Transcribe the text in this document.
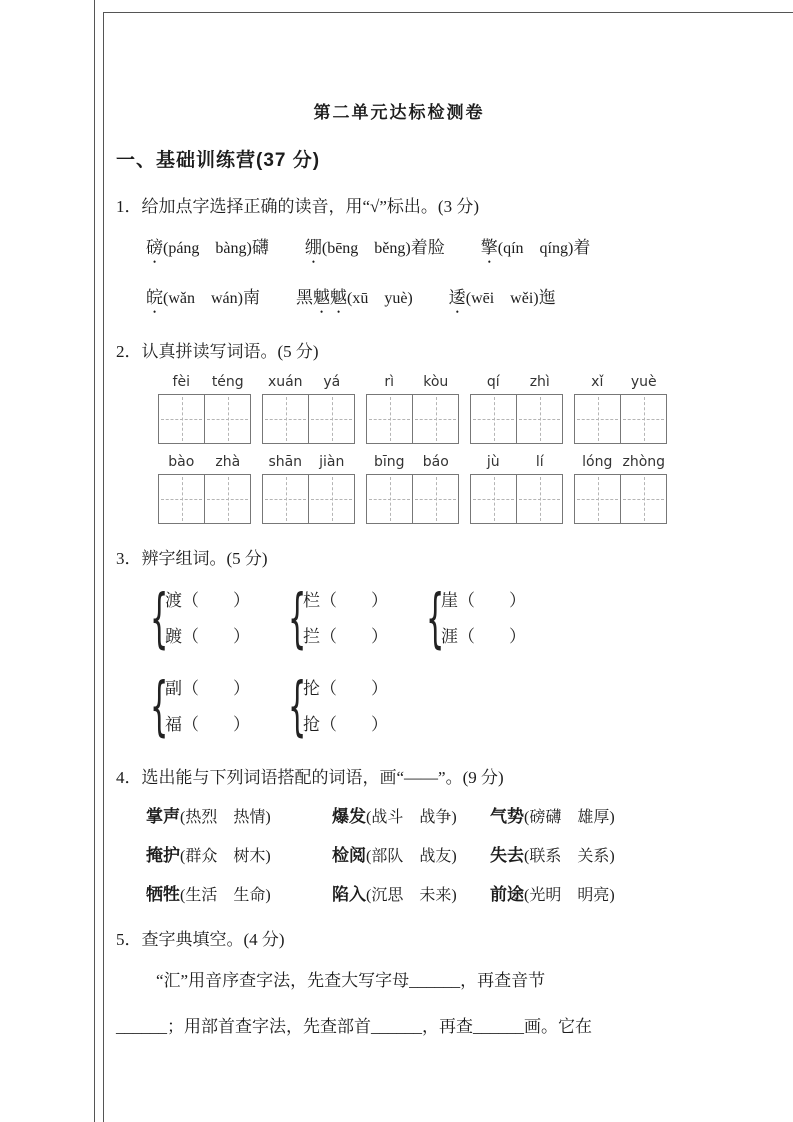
第二单元达标检测卷
一、基础训练营(37 分)
1．给加点字选择正确的读音，用“√”标出。(3 分)
磅(páng　bàng)礴 绷(bēng　běng)着脸 擎(qín　qíng)着
皖(wǎn　wán)南 黑魆魆(xū　yuè) 逶(wēi　wěi)迤
2．认真拼读写词语。(5 分)
fèi	téng	xuán	yá	rì	kòu	qí	zhì	xǐ	yuè
bào	zhà	shān	jiàn	bīng	báo	jù	lí	lóng zhòng
3．辨字组词。(5 分)
{
渡（　　）
踱（　　） {
栏（　　）
拦（　　） {
崖（　　）
涯（　　）
{
副（　　）
福（　　） {
抡（　　）
抢（　　）
4．选出能与下列词语搭配的词语，画“——”。(9 分)
掌声(热烈　热情)	爆发(战斗　战争)	气势(磅礴　雄厚)
掩护(群众　树木)	检阅(部队　战友)	失去(联系　关系)
牺牲(生活　生命)	陷入(沉思　未来)	前途(光明　明亮)
5．查字典填空。(4 分)
“汇”用音序查字法，先查大写字母______，再查音节
______；用部首查字法，先查部首______，再查______画。它在
